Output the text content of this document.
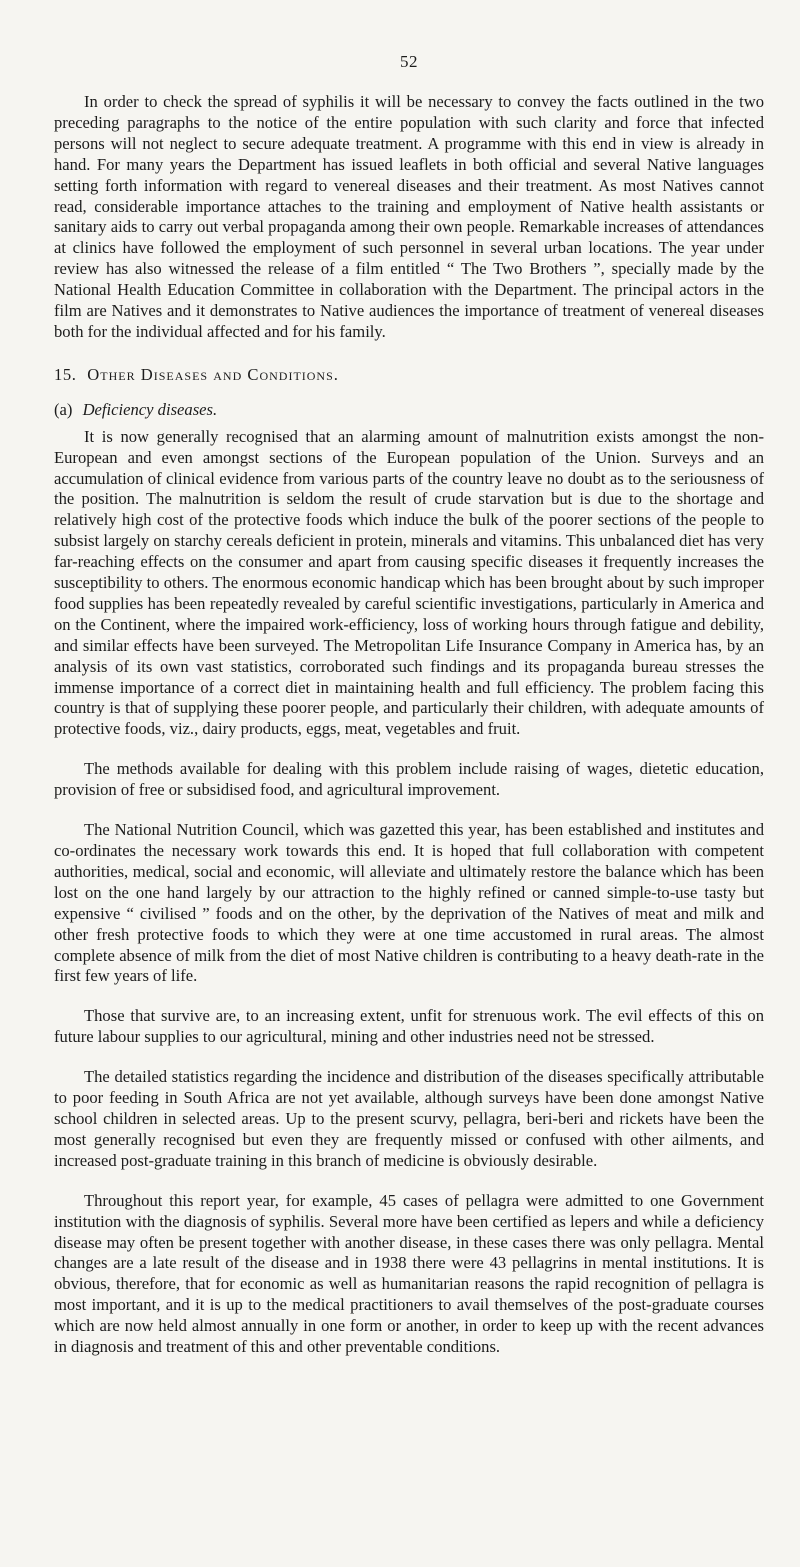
52

In order to check the spread of syphilis it will be necessary to convey the facts outlined in the two preceding paragraphs to the notice of the entire population with such clarity and force that infected persons will not neglect to secure adequate treatment. A programme with this end in view is already in hand. For many years the Department has issued leaflets in both official and several Native languages setting forth information with regard to venereal diseases and their treatment. As most Natives cannot read, considerable importance attaches to the training and employment of Native health assistants or sanitary aids to carry out verbal propaganda among their own people. Remarkable increases of attendances at clinics have followed the employment of such personnel in several urban locations. The year under review has also witnessed the release of a film entitled “ The Two Brothers ”, specially made by the National Health Education Committee in collaboration with the Department. The principal actors in the film are Natives and it demonstrates to Native audiences the importance of treatment of venereal diseases both for the individual affected and for his family.

15. Other Diseases and Conditions.
(a) Deficiency diseases.

It is now generally recognised that an alarming amount of malnutrition exists amongst the non-European and even amongst sections of the European population of the Union. Surveys and an accumulation of clinical evidence from various parts of the country leave no doubt as to the seriousness of the position. The malnutrition is seldom the result of crude starvation but is due to the shortage and relatively high cost of the protective foods which induce the bulk of the poorer sections of the people to subsist largely on starchy cereals deficient in protein, minerals and vitamins. This unbalanced diet has very far-reaching effects on the consumer and apart from causing specific diseases it frequently increases the susceptibility to others. The enormous economic handicap which has been brought about by such improper food supplies has been repeatedly revealed by careful scientific investigations, particularly in America and on the Continent, where the impaired work-efficiency, loss of working hours through fatigue and debility, and similar effects have been surveyed. The Metropolitan Life Insurance Company in America has, by an analysis of its own vast statistics, corroborated such findings and its propaganda bureau stresses the immense importance of a correct diet in maintaining health and full efficiency. The problem facing this country is that of supplying these poorer people, and particularly their children, with adequate amounts of protective foods, viz., dairy products, eggs, meat, vegetables and fruit.

The methods available for dealing with this problem include raising of wages, dietetic education, provision of free or subsidised food, and agricultural improvement.

The National Nutrition Council, which was gazetted this year, has been established and institutes and co-ordinates the necessary work towards this end. It is hoped that full collaboration with competent authorities, medical, social and economic, will alleviate and ultimately restore the balance which has been lost on the one hand largely by our attraction to the highly refined or canned simple-to-use tasty but expensive “ civilised ” foods and on the other, by the deprivation of the Natives of meat and milk and other fresh protective foods to which they were at one time accustomed in rural areas. The almost complete absence of milk from the diet of most Native children is contributing to a heavy death-rate in the first few years of life.

Those that survive are, to an increasing extent, unfit for strenuous work. The evil effects of this on future labour supplies to our agricultural, mining and other industries need not be stressed.

The detailed statistics regarding the incidence and distribution of the diseases specifically attributable to poor feeding in South Africa are not yet available, although surveys have been done amongst Native school children in selected areas. Up to the present scurvy, pellagra, beri-beri and rickets have been the most generally recognised but even they are frequently missed or confused with other ailments, and increased post-graduate training in this branch of medicine is obviously desirable.

Throughout this report year, for example, 45 cases of pellagra were admitted to one Government institution with the diagnosis of syphilis. Several more have been certified as lepers and while a deficiency disease may often be present together with another disease, in these cases there was only pellagra. Mental changes are a late result of the disease and in 1938 there were 43 pellagrins in mental institutions. It is obvious, therefore, that for economic as well as humanitarian reasons the rapid recognition of pellagra is most important, and it is up to the medical practitioners to avail themselves of the post-graduate courses which are now held almost annually in one form or another, in order to keep up with the recent advances in diagnosis and treatment of this and other preventable conditions.
